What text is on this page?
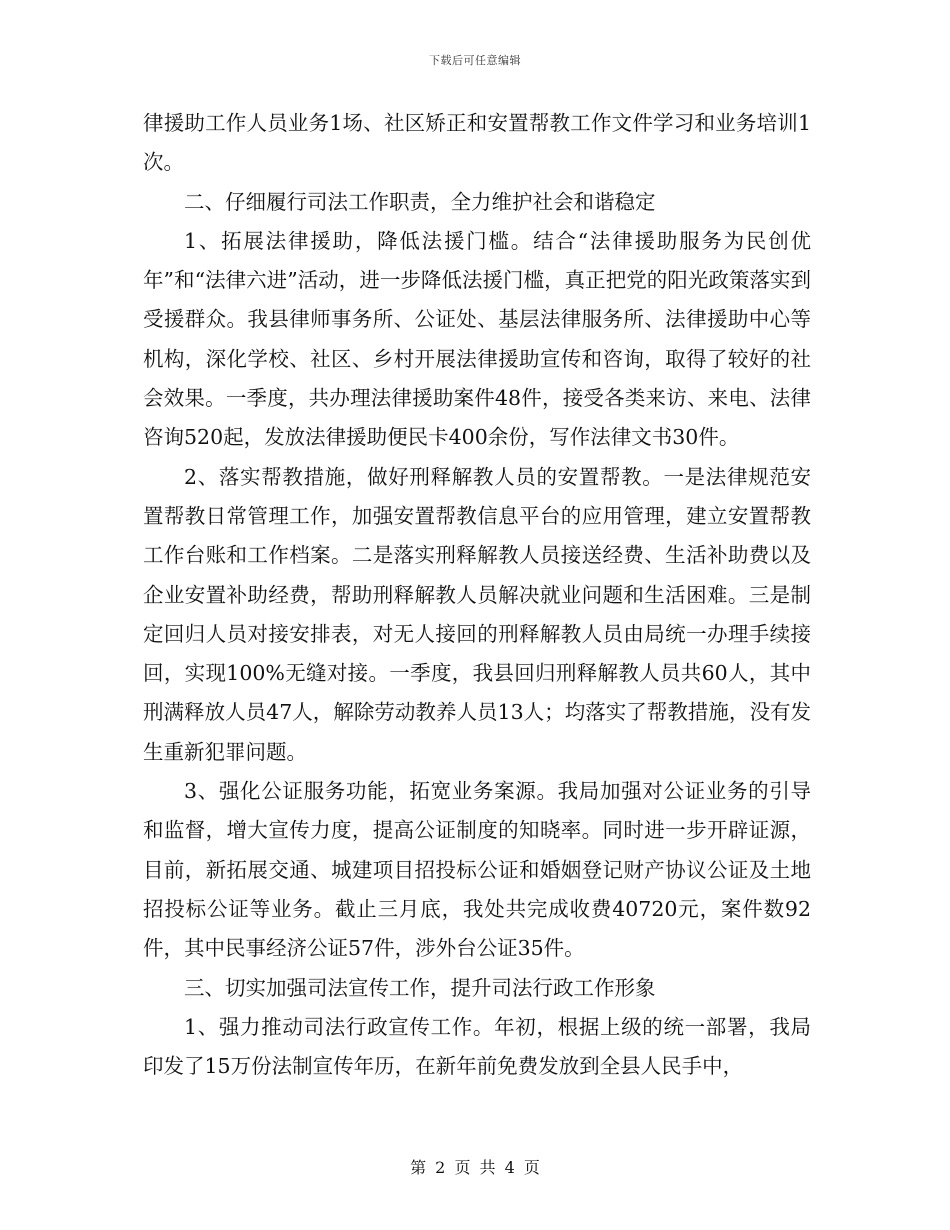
下载后可任意编辑

律援助工作人员业务1场、社区矫正和安置帮教工作文件学习和业务培训1次。

二、仔细履行司法工作职责，全力维护社会和谐稳定

1、拓展法律援助，降低法援门槛。结合“法律援助服务为民创优年”和“法律六进”活动，进一步降低法援门槛，真正把党的阳光政策落实到受援群众。我县律师事务所、公证处、基层法律服务所、法律援助中心等机构，深化学校、社区、乡村开展法律援助宣传和咨询，取得了较好的社会效果。一季度，共办理法律援助案件48件，接受各类来访、来电、法律咨询520起，发放法律援助便民卡400余份，写作法律文书30件。

2、落实帮教措施，做好刑释解教人员的安置帮教。一是法律规范安置帮教日常管理工作，加强安置帮教信息平台的应用管理，建立安置帮教工作台账和工作档案。二是落实刑释解教人员接送经费、生活补助费以及企业安置补助经费，帮助刑释解教人员解决就业问题和生活困难。三是制定回归人员对接安排表，对无人接回的刑释解教人员由局统一办理手续接回，实现100%无缝对接。一季度，我县回归刑释解教人员共60人，其中刑满释放人员47人，解除劳动教养人员13人；均落实了帮教措施，没有发生重新犯罪问题。

3、强化公证服务功能，拓宽业务案源。我局加强对公证业务的引导和监督，增大宣传力度，提高公证制度的知晓率。同时进一步开辟证源，目前，新拓展交通、城建项目招投标公证和婚姻登记财产协议公证及土地招投标公证等业务。截止三月底，我处共完成收费40720元，案件数92件，其中民事经济公证57件，涉外台公证35件。

三、切实加强司法宣传工作，提升司法行政工作形象

1、强力推动司法行政宣传工作。年初，根据上级的统一部署，我局印发了15万份法制宣传年历，在新年前免费发放到全县人民手中，

第 2 页 共 4 页
